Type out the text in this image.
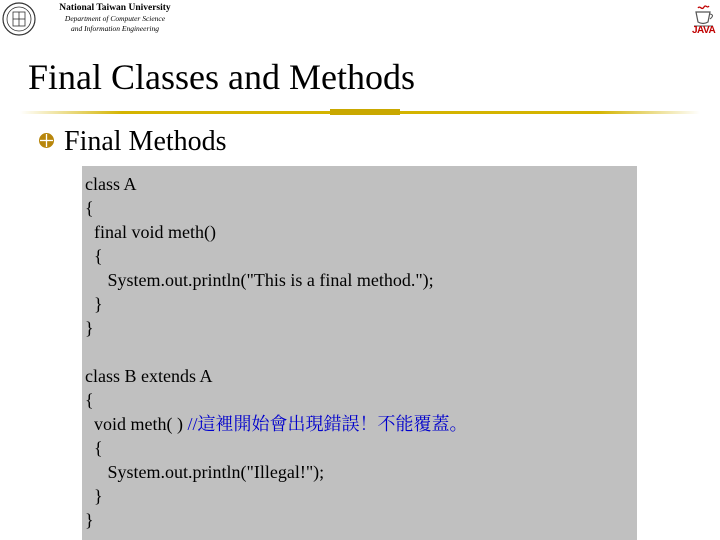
National Taiwan University
Department of Computer Science
and Information Engineering	JAVA
Final Classes and Methods
Final Methods
class A
{
final void meth()
{
System.out.println("This is a final method.");
}
}
class B extends A
{
void meth( ) //這裡開始會出現錯誤！不能覆蓋。
{
System.out.println("Illegal!");
}
}
